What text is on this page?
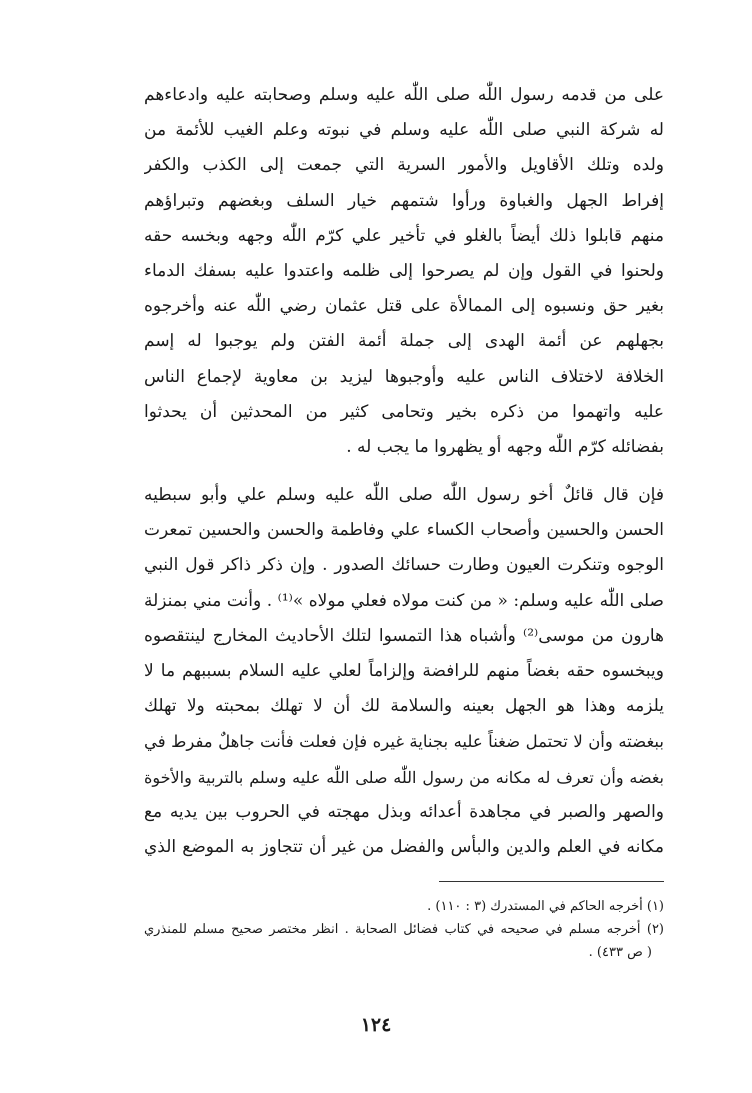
على من قدمه رسول اللّٰه صلى اللّٰه عليه وسلم وصحابته عليه وادعاءهم
له شركة النبي صلى اللّٰه عليه وسلم في نبوته وعلم الغيب للأئمة من
ولده وتلك الأقاويل والأمور السرية التي جمعت إلى الكذب والكفر
إفراط الجهل والغباوة ورأوا شتمهم خيار السلف وبغضهم وتبراؤهم
منهم قابلوا ذلك أيضاً بالغلو في تأخير علي كرّم اللّٰه وجهه وبخسه حقه
ولحنوا في القول وإن لم يصرحوا إلى ظلمه واعتدوا عليه بسفك الدماء
بغير حق ونسبوه إلى الممالأة على قتل عثمان رضي اللّٰه عنه وأخرجوه
بجهلهم عن أئمة الهدى إلى جملة أئمة الفتن ولم يوجبوا له إسم
الخلافة لاختلاف الناس عليه وأوجبوها ليزيد بن معاوية لإجماع الناس
عليه واتهموا من ذكره بخير وتحامى كثير من المحدثين أن يحدثوا
بفضائله كرّم اللّٰه وجهه أو يظهروا ما يجب له .
فإن قال قائلٌ أخو رسول اللّٰه صلى اللّٰه عليه وسلم علي وأبو سبطيه
الحسن والحسين وأصحاب الكساء علي وفاطمة والحسن والحسين تمعرت
الوجوه وتنكرت العيون وطارت حسائك الصدور . وإن ذكر ذاكر قول النبي
صلى اللّٰه عليه وسلم: « من كنت مولاه فعلي مولاه »⁽¹⁾ . وأنت مني بمنزلة
هارون من موسى⁽²⁾ وأشباه هذا التمسوا لتلك الأحاديث المخارج لينتقصوه
ويبخسوه حقه بغضاً منهم للرافضة وإلزاماً لعلي عليه السلام بسببهم ما لا
يلزمه وهذا هو الجهل بعينه والسلامة لك أن لا تهلك بمحبته ولا تهلك
ببغضته وأن لا تحتمل ضغناً عليه بجناية غيره فإن فعلت فأنت جاهلٌ مفرط في
بغضه وأن تعرف له مكانه من رسول اللّٰه صلى اللّٰه عليه وسلم بالتربية والأخوة
والصهر والصبر في مجاهدة أعدائه وبذل مهجته في الحروب بين يديه مع
مكانه في العلم والدين والبأس والفضل من غير أن تتجاوز به الموضع الذي
(١) أخرجه الحاكم في المستدرك (٣ : ١١٠) .
(٢) أخرجه مسلم في صحيحه في كتاب فضائل الصحابة . انظر مختصر صحيح مسلم للمنذري
( ص ٤٣٣) .
١٢٤
